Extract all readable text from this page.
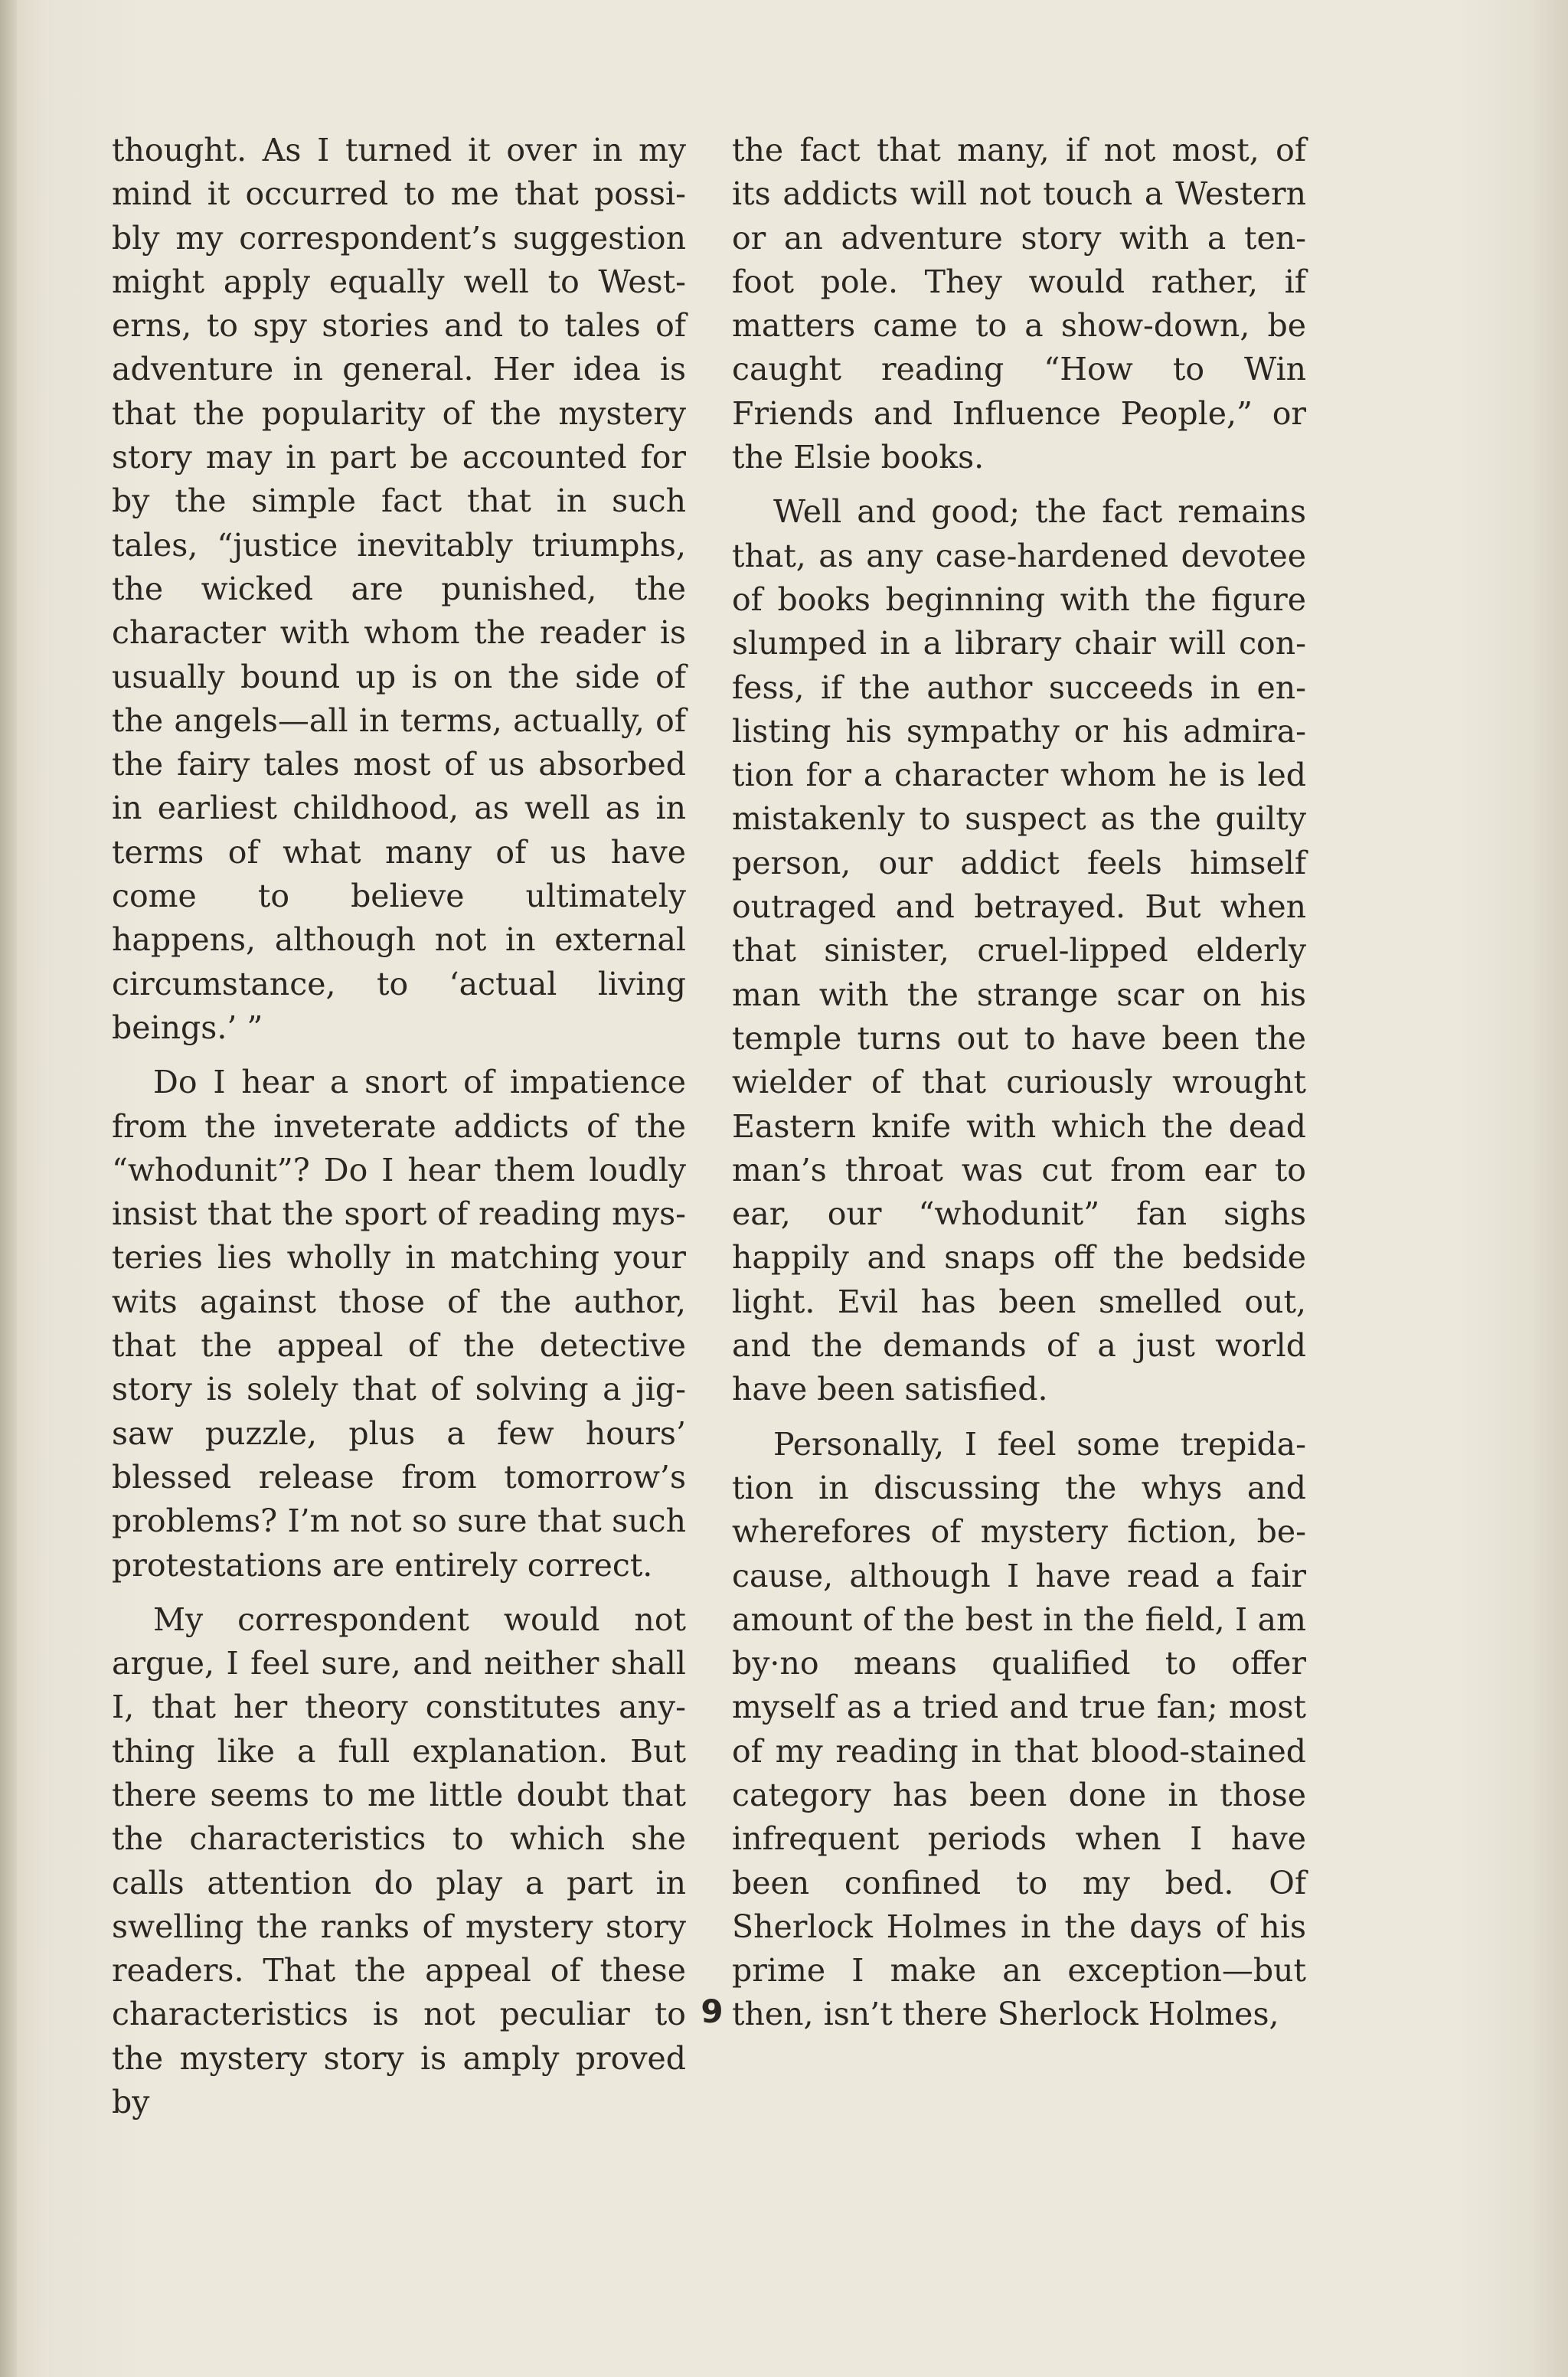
thought. As I turned it over in my mind it occurred to me that possibly my correspondent’s suggestion might apply equally well to Westerns, to spy stories and to tales of adventure in general. Her idea is that the popularity of the mystery story may in part be accounted for by the simple fact that in such tales, “justice inevitably triumphs, the wicked are punished, the character with whom the reader is usually bound up is on the side of the angels—all in terms, actually, of the fairy tales most of us absorbed in earliest childhood, as well as in terms of what many of us have come to believe ultimately happens, although not in external circumstance, to ‘actual living beings.’ ”

Do I hear a snort of impatience from the inveterate addicts of the “whodunit”? Do I hear them loudly insist that the sport of reading mysteries lies wholly in matching your wits against those of the author, that the appeal of the detective story is solely that of solving a jigsaw puzzle, plus a few hours’ blessed release from tomorrow’s problems? I’m not so sure that such protestations are entirely correct.

My correspondent would not argue, I feel sure, and neither shall I, that her theory constitutes anything like a full explanation. But there seems to me little doubt that the characteristics to which she calls attention do play a part in swelling the ranks of mystery story readers. That the appeal of these characteristics is not peculiar to the mystery story is amply proved by

the fact that many, if not most, of its addicts will not touch a Western or an adventure story with a ten-foot pole. They would rather, if matters came to a show-down, be caught reading “How to Win Friends and Influence People,” or the Elsie books.

Well and good; the fact remains that, as any case-hardened devotee of books beginning with the figure slumped in a library chair will confess, if the author succeeds in enlisting his sympathy or his admiration for a character whom he is led mistakenly to suspect as the guilty person, our addict feels himself outraged and betrayed. But when that sinister, cruel-lipped elderly man with the strange scar on his temple turns out to have been the wielder of that curiously wrought Eastern knife with which the dead man’s throat was cut from ear to ear, our “whodunit” fan sighs happily and snaps off the bedside light. Evil has been smelled out, and the demands of a just world have been satisfied.

Personally, I feel some trepidation in discussing the whys and wherefores of mystery fiction, because, although I have read a fair amount of the best in the field, I am by·no means qualified to offer myself as a tried and true fan; most of my reading in that blood-stained category has been done in those infrequent periods when I have been confined to my bed. Of Sherlock Holmes in the days of his prime I make an exception—but then, isn’t there Sherlock Holmes,

9
